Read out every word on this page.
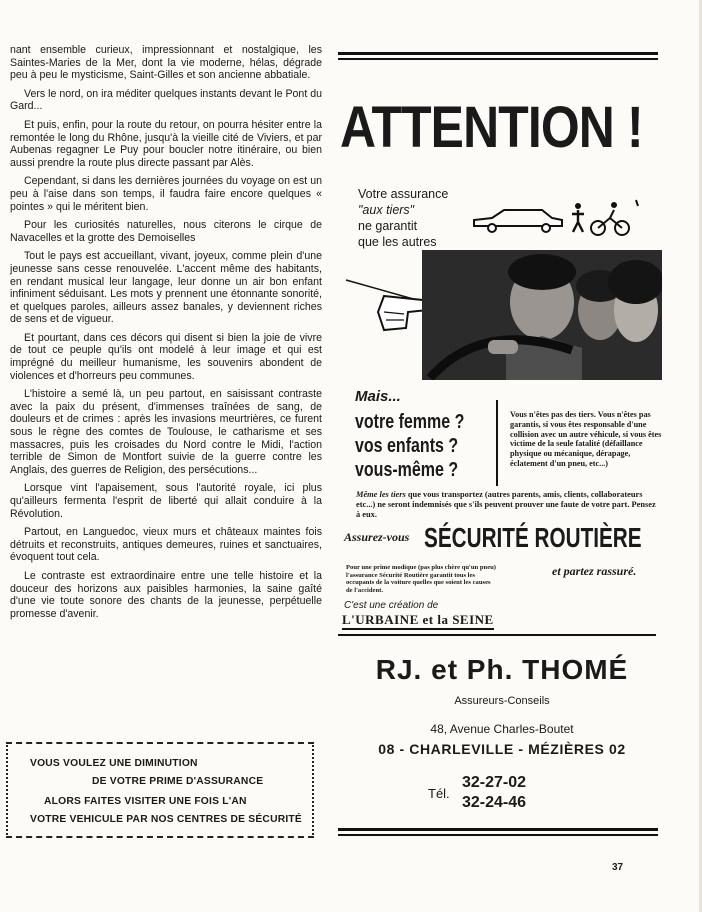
nant ensemble curieux, impressionnant et nostalgique, les Saintes-Maries de la Mer, dont la vie moderne, hélas, dégrade peu à peu le mysticisme, Saint-Gilles et son ancienne abbatiale.

Vers le nord, on ira méditer quelques instants devant le Pont du Gard...

Et puis, enfin, pour la route du retour, on pourra hésiter entre la remontée le long du Rhône, jusqu'à la vieille cité de Viviers, et par Aubenas regagner Le Puy pour boucler notre itinéraire, ou bien aussi prendre la route plus directe passant par Alès.

Cependant, si dans les dernières journées du voyage on est un peu à l'aise dans son temps, il faudra faire encore quelques « pointes » qui le méritent bien.

Pour les curiosités naturelles, nous citerons le cirque de Navacelles et la grotte des Demoiselles

Tout le pays est accueillant, vivant, joyeux, comme plein d'une jeunesse sans cesse renouvelée. L'accent même des habitants, en rendant musical leur langage, leur donne un air bon enfant infiniment séduisant. Les mots y prennent une étonnante sonorité, et quelques paroles, ailleurs assez banales, y deviennent riches de sens et de vigueur.

Et pourtant, dans ces décors qui disent si bien la joie de vivre de tout ce peuple qu'ils ont modelé à leur image et qui est imprégné du meilleur humanisme, les souvenirs abondent de violences et d'horreurs peu communes.

L'histoire a semé là, un peu partout, en saisissant contraste avec la paix du présent, d'immenses traînées de sang, de douleurs et de crimes : après les invasions meurtrières, ce furent sous le règne des comtes de Toulouse, le catharisme et ses massacres, puis les croisades du Nord contre le Midi, l'action terrible de Simon de Montfort suivie de la guerre contre les Anglais, des guerres de Religion, des persécutions...

Lorsque vint l'apaisement, sous l'autorité royale, ici plus qu'ailleurs fermenta l'esprit de liberté qui allait conduire à la Révolution.

Partout, en Languedoc, vieux murs et châteaux maintes fois détruits et reconstruits, antiques demeures, ruines et sanctuaires, évoquent tout cela.

Le contraste est extraordinaire entre une telle histoire et la douceur des horizons aux paisibles harmonies, la saine gaîté d'une vie toute sonore des chants de la jeunesse, perpétuelle promesse d'avenir.

VOUS VOULEZ UNE DIMINUTION
DE VOTRE PRIME D'ASSURANCE
ALORS FAITES VISITER UNE FOIS L'AN
VOTRE VEHICULE PAR NOS CENTRES DE SÉCURITÉ
ATTENTION !
Votre assurance
"aux tiers"
ne garantit
que les autres
Mais...
votre femme ?
vos enfants ?
vous-même ?
Vous n'êtes pas des tiers. Vous n'êtes pas garantis, si vous êtes responsable d'une collision avec un autre véhicule, si vous êtes victime de la seule fatalité (défaillance physique ou mécanique, dérapage, éclatement d'un pneu, etc...)
Même les tiers que vous transportez (autres parents, amis, clients, collaborateurs etc...) ne seront indemnisés que s'ils peuvent prouver une faute de votre part. Pensez à eux.
Assurez-vous SÉCURITÉ ROUTIÈRE
Pour une prime modique (pas plus chère qu'un pneu) l'assurance Sécurité Routière garantit tous les occupants de la voiture quelles que soient les causes de l'accident.
et partez rassuré.
C'est une création de
L'URBAINE et la SEINE
RJ. et Ph. THOMÉ
Assureurs-Conseils
48, Avenue Charles-Boutet
08 - CHARLEVILLE - MÉZIÈRES 02
Tél.
32-27-02
32-24-46
37
